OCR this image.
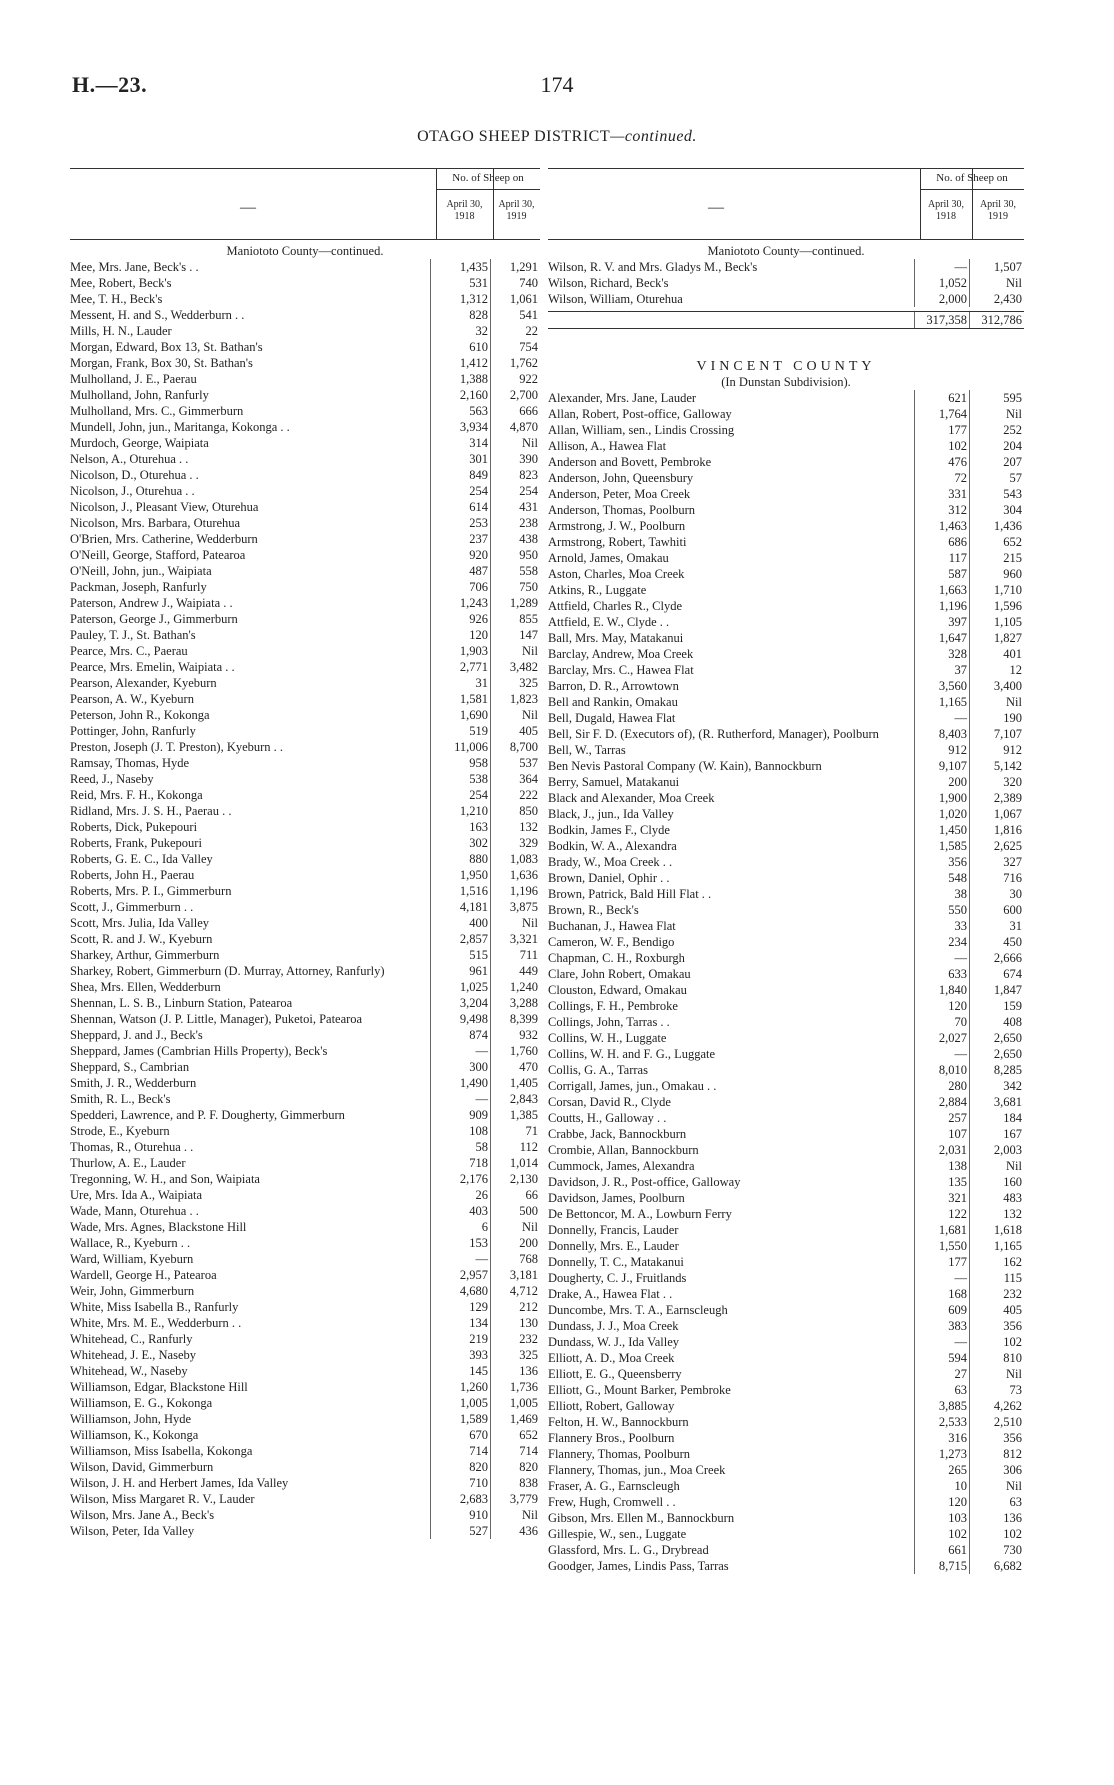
H.—23.	174
OTAGO SHEEP DISTRICT—continued.
—
No. of Sheep on
April 30, 1918
April 30, 1919
Maniototo County—continued.
Mee, Mrs. Jane, Beck's . .	1,435	1,291
Mee, Robert, Beck's	531	740
Mee, T. H., Beck's	1,312	1,061
Messent, H. and S., Wedderburn . .	828	541
Mills, H. N., Lauder	32	22
Morgan, Edward, Box 13, St. Bathan's	610	754
Morgan, Frank, Box 30, St. Bathan's	1,412	1,762
Mulholland, J. E., Paerau	1,388	922
Mulholland, John, Ranfurly	2,160	2,700
Mulholland, Mrs. C., Gimmerburn	563	666
Mundell, John, jun., Maritanga, Kokonga . .	3,934	4,870
Murdoch, George, Waipiata	314	Nil
Nelson, A., Oturehua . .	301	390
Nicolson, D., Oturehua . .	849	823
Nicolson, J., Oturehua . .	254	254
Nicolson, J., Pleasant View, Oturehua	614	431
Nicolson, Mrs. Barbara, Oturehua	253	238
O'Brien, Mrs. Catherine, Wedderburn	237	438
O'Neill, George, Stafford, Patearoa	920	950
O'Neill, John, jun., Waipiata	487	558
Packman, Joseph, Ranfurly	706	750
Paterson, Andrew J., Waipiata . .	1,243	1,289
Paterson, George J., Gimmerburn	926	855
Pauley, T. J., St. Bathan's	120	147
Pearce, Mrs. C., Paerau	1,903	Nil
Pearce, Mrs. Emelin, Waipiata . .	2,771	3,482
Pearson, Alexander, Kyeburn	31	325
Pearson, A. W., Kyeburn	1,581	1,823
Peterson, John R., Kokonga	1,690	Nil
Pottinger, John, Ranfurly	519	405
Preston, Joseph (J. T. Preston), Kyeburn . .	11,006	8,700
Ramsay, Thomas, Hyde	958	537
Reed, J., Naseby	538	364
Reid, Mrs. F. H., Kokonga	254	222
Ridland, Mrs. J. S. H., Paerau . .	1,210	850
Roberts, Dick, Pukepouri	163	132
Roberts, Frank, Pukepouri	302	329
Roberts, G. E. C., Ida Valley	880	1,083
Roberts, John H., Paerau	1,950	1,636
Roberts, Mrs. P. I., Gimmerburn	1,516	1,196
Scott, J., Gimmerburn . .	4,181	3,875
Scott, Mrs. Julia, Ida Valley	400	Nil
Scott, R. and J. W., Kyeburn	2,857	3,321
Sharkey, Arthur, Gimmerburn	515	711
Sharkey, Robert, Gimmerburn (D. Murray, Attorney, Ranfurly)	961	449
Shea, Mrs. Ellen, Wedderburn	1,025	1,240
Shennan, L. S. B., Linburn Station, Patearoa	3,204	3,288
Shennan, Watson (J. P. Little, Manager), Puketoi, Patearoa	9,498	8,399
Sheppard, J. and J., Beck's	874	932
Sheppard, James (Cambrian Hills Property), Beck's	—	1,760
Sheppard, S., Cambrian	300	470
Smith, J. R., Wedderburn	1,490	1,405
Smith, R. L., Beck's	—	2,843
Spedderi, Lawrence, and P. F. Dougherty, Gimmerburn	909	1,385
Strode, E., Kyeburn	108	71
Thomas, R., Oturehua . .	58	112
Thurlow, A. E., Lauder	718	1,014
Tregonning, W. H., and Son, Waipiata	2,176	2,130
Ure, Mrs. Ida A., Waipiata	26	66
Wade, Mann, Oturehua . .	403	500
Wade, Mrs. Agnes, Blackstone Hill	6	Nil
Wallace, R., Kyeburn . .	153	200
Ward, William, Kyeburn	—	768
Wardell, George H., Patearoa	2,957	3,181
Weir, John, Gimmerburn	4,680	4,712
White, Miss Isabella B., Ranfurly	129	212
White, Mrs. M. E., Wedderburn . .	134	130
Whitehead, C., Ranfurly	219	232
Whitehead, J. E., Naseby	393	325
Whitehead, W., Naseby	145	136
Williamson, Edgar, Blackstone Hill	1,260	1,736
Williamson, E. G., Kokonga	1,005	1,005
Williamson, John, Hyde	1,589	1,469
Williamson, K., Kokonga	670	652
Williamson, Miss Isabella, Kokonga	714	714
Wilson, David, Gimmerburn	820	820
Wilson, J. H. and Herbert James, Ida Valley	710	838
Wilson, Miss Margaret R. V., Lauder	2,683	3,779
Wilson, Mrs. Jane A., Beck's	910	Nil
Wilson, Peter, Ida Valley	527	436
—
No. of Sheep on
April 30, 1918
April 30, 1919
Maniototo County—continued.
Wilson, R. V. and Mrs. Gladys M., Beck's	—	1,507
Wilson, Richard, Beck's	1,052	Nil
Wilson, William, Oturehua	2,000	2,430
317,358	312,786
VINCENT COUNTY
(In Dunstan Subdivision).
Alexander, Mrs. Jane, Lauder	621	595
Allan, Robert, Post-office, Galloway	1,764	Nil
Allan, William, sen., Lindis Crossing	177	252
Allison, A., Hawea Flat	102	204
Anderson and Bovett, Pembroke	476	207
Anderson, John, Queensbury	72	57
Anderson, Peter, Moa Creek	331	543
Anderson, Thomas, Poolburn	312	304
Armstrong, J. W., Poolburn	1,463	1,436
Armstrong, Robert, Tawhiti	686	652
Arnold, James, Omakau	117	215
Aston, Charles, Moa Creek	587	960
Atkins, R., Luggate	1,663	1,710
Attfield, Charles R., Clyde	1,196	1,596
Attfield, E. W., Clyde . .	397	1,105
Ball, Mrs. May, Matakanui	1,647	1,827
Barclay, Andrew, Moa Creek	328	401
Barclay, Mrs. C., Hawea Flat	37	12
Barron, D. R., Arrowtown	3,560	3,400
Bell and Rankin, Omakau	1,165	Nil
Bell, Dugald, Hawea Flat	—	190
Bell, Sir F. D. (Executors of), (R. Rutherford, Manager), Poolburn	8,403	7,107
Bell, W., Tarras	912	912
Ben Nevis Pastoral Company (W. Kain), Bannockburn	9,107	5,142
Berry, Samuel, Matakanui	200	320
Black and Alexander, Moa Creek	1,900	2,389
Black, J., jun., Ida Valley	1,020	1,067
Bodkin, James F., Clyde	1,450	1,816
Bodkin, W. A., Alexandra	1,585	2,625
Brady, W., Moa Creek . .	356	327
Brown, Daniel, Ophir . .	548	716
Brown, Patrick, Bald Hill Flat . .	38	30
Brown, R., Beck's	550	600
Buchanan, J., Hawea Flat	33	31
Cameron, W. F., Bendigo	234	450
Chapman, C. H., Roxburgh	—	2,666
Clare, John Robert, Omakau	633	674
Clouston, Edward, Omakau	1,840	1,847
Collings, F. H., Pembroke	120	159
Collings, John, Tarras . .	70	408
Collins, W. H., Luggate	2,027	2,650
Collins, W. H. and F. G., Luggate	—	2,650
Collis, G. A., Tarras	8,010	8,285
Corrigall, James, jun., Omakau . .	280	342
Corsan, David R., Clyde	2,884	3,681
Coutts, H., Galloway . .	257	184
Crabbe, Jack, Bannockburn	107	167
Crombie, Allan, Bannockburn	2,031	2,003
Cummock, James, Alexandra	138	Nil
Davidson, J. R., Post-office, Galloway	135	160
Davidson, James, Poolburn	321	483
De Bettoncor, M. A., Lowburn Ferry	122	132
Donnelly, Francis, Lauder	1,681	1,618
Donnelly, Mrs. E., Lauder	1,550	1,165
Donnelly, T. C., Matakanui	177	162
Dougherty, C. J., Fruitlands	—	115
Drake, A., Hawea Flat . .	168	232
Duncombe, Mrs. T. A., Earnscleugh	609	405
Dundass, J. J., Moa Creek	383	356
Dundass, W. J., Ida Valley	—	102
Elliott, A. D., Moa Creek	594	810
Elliott, E. G., Queensberry	27	Nil
Elliott, G., Mount Barker, Pembroke	63	73
Elliott, Robert, Galloway	3,885	4,262
Felton, H. W., Bannockburn	2,533	2,510
Flannery Bros., Poolburn	316	356
Flannery, Thomas, Poolburn	1,273	812
Flannery, Thomas, jun., Moa Creek	265	306
Fraser, A. G., Earnscleugh	10	Nil
Frew, Hugh, Cromwell . .	120	63
Gibson, Mrs. Ellen M., Bannockburn	103	136
Gillespie, W., sen., Luggate	102	102
Glassford, Mrs. L. G., Drybread	661	730
Goodger, James, Lindis Pass, Tarras	8,715	6,682
